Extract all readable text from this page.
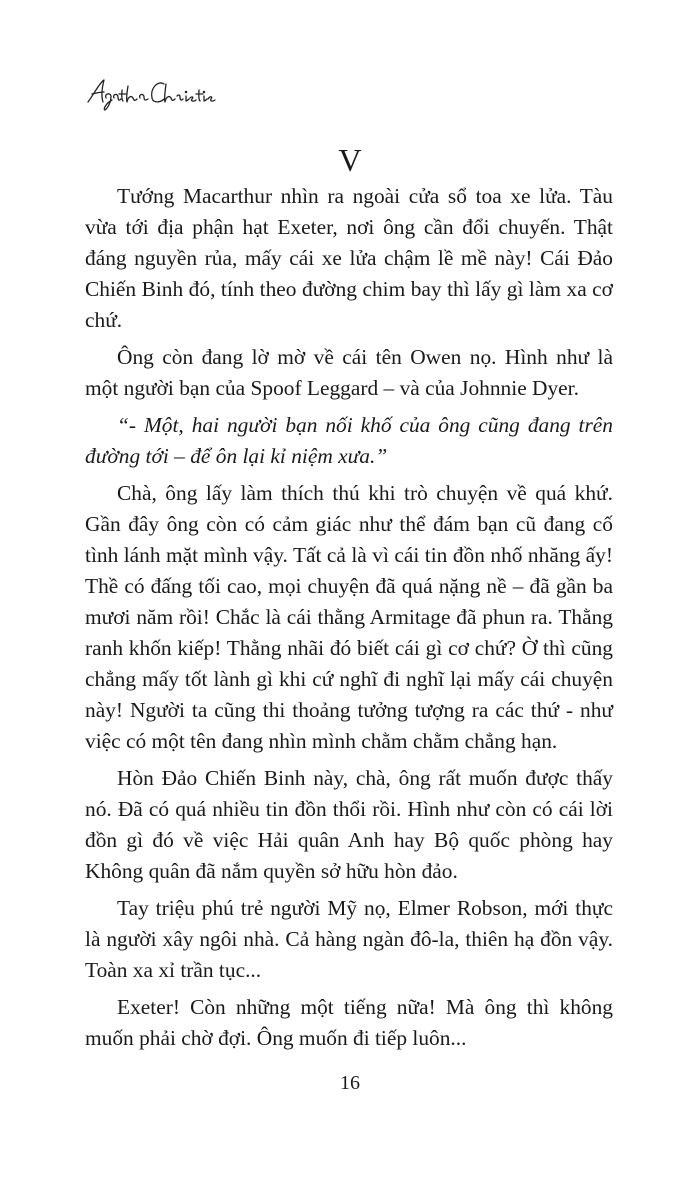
V

Tướng Macarthur nhìn ra ngoài cửa sổ toa xe lửa. Tàu vừa tới địa phận hạt Exeter, nơi ông cần đổi chuyến. Thật đáng nguyền rủa, mấy cái xe lửa chậm lề mề này! Cái Đảo Chiến Binh đó, tính theo đường chim bay thì lấy gì làm xa cơ chứ.

Ông còn đang lờ mờ về cái tên Owen nọ. Hình như là một người bạn của Spoof Leggard – và của Johnnie Dyer.

“- Một, hai người bạn nối khố của ông cũng đang trên đường tới – để ôn lại kỉ niệm xưa.”

Chà, ông lấy làm thích thú khi trò chuyện về quá khứ. Gần đây ông còn có cảm giác như thể đám bạn cũ đang cố tình lánh mặt mình vậy. Tất cả là vì cái tin đồn nhố nhăng ấy! Thề có đấng tối cao, mọi chuyện đã quá nặng nề – đã gần ba mươi năm rồi! Chắc là cái thằng Armitage đã phun ra. Thằng ranh khốn kiếp! Thằng nhãi đó biết cái gì cơ chứ? Ờ thì cũng chẳng mấy tốt lành gì khi cứ nghĩ đi nghĩ lại mấy cái chuyện này! Người ta cũng thi thoảng tưởng tượng ra các thứ - như việc có một tên đang nhìn mình chằm chằm chẳng hạn.

Hòn Đảo Chiến Binh này, chà, ông rất muốn được thấy nó. Đã có quá nhiều tin đồn thổi rồi. Hình như còn có cái lời đồn gì đó về việc Hải quân Anh hay Bộ quốc phòng hay Không quân đã nắm quyền sở hữu hòn đảo.

Tay triệu phú trẻ người Mỹ nọ, Elmer Robson, mới thực là người xây ngôi nhà. Cả hàng ngàn đô-la, thiên hạ đồn vậy. Toàn xa xỉ trần tục...

Exeter! Còn những một tiếng nữa! Mà ông thì không muốn phải chờ đợi. Ông muốn đi tiếp luôn...

16
